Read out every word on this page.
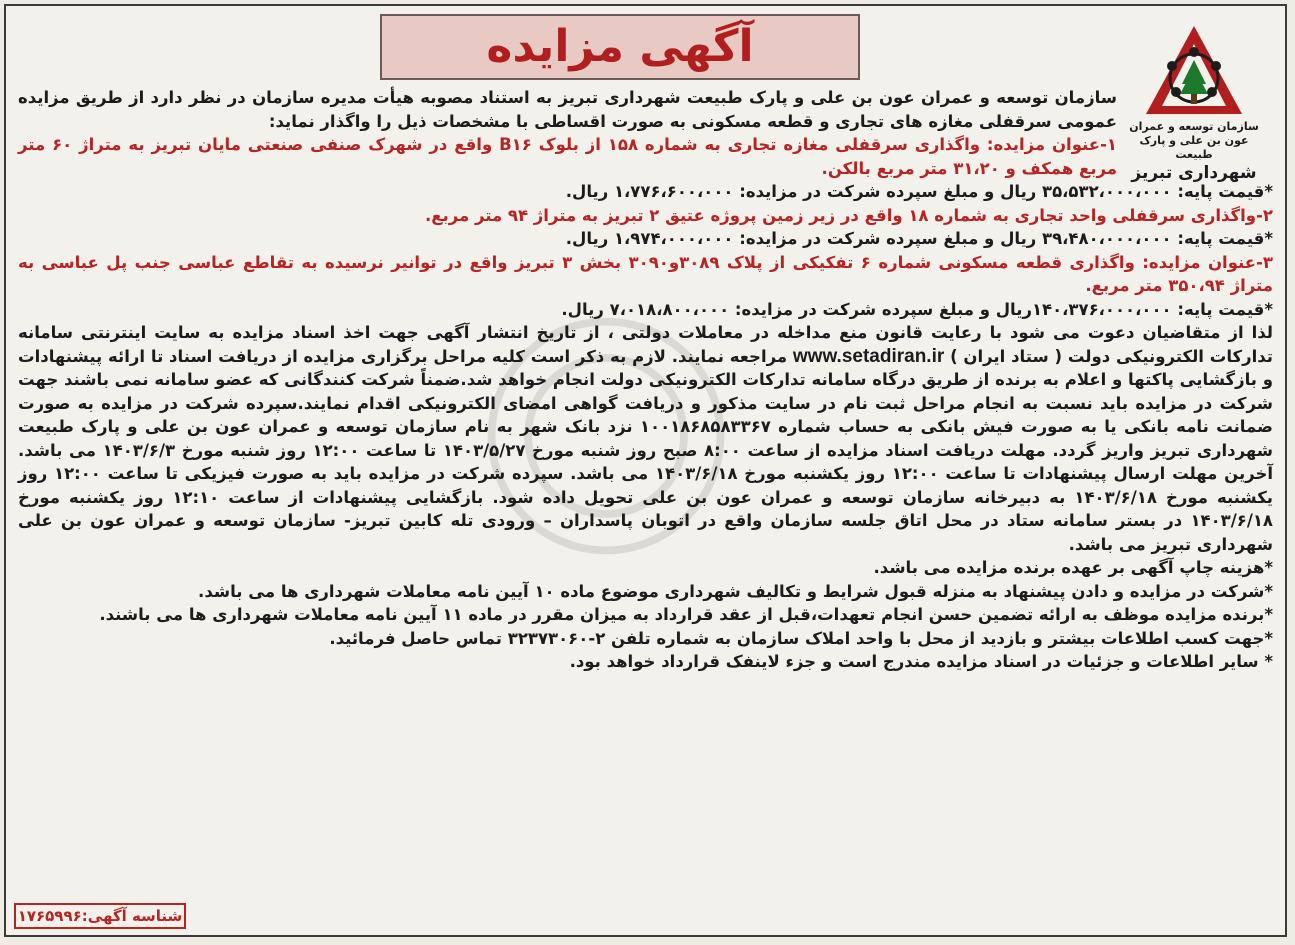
آگهی مزایده
سازمان توسعه و عمران عون بن علی و پارک طبیعت
شهرداری تبریز

سازمان توسعه و عمران عون بن علی و پارک طبیعت شهرداری تبریز به استناد مصوبه هیأت مدیره سازمان در نظر دارد از طریق مزایده عمومی سرقفلی مغازه های تجاری و قطعه مسکونی به صورت اقساطی با مشخصات ذیل را واگذار نماید:

۱-عنوان مزایده: واگذاری سرقفلی مغازه تجاری به شماره ۱۵۸ از بلوک B۱۶ واقع در شهرک صنفی صنعتی مایان تبریز به متراژ ۶۰ متر مربع همکف و ۳۱،۲۰ متر مربع بالکن.

*قیمت پایه: ۳۵،۵۳۲،۰۰۰،۰۰۰ ریال و مبلغ سپرده شرکت در مزایده: ۱،۷۷۶،۶۰۰،۰۰۰ ریال.

۲-واگذاری سرقفلی واحد تجاری به شماره ۱۸ واقع در زیر زمین پروژه عتیق ۲ تبریز به متراژ ۹۴ متر مربع.

*قیمت پایه: ۳۹،۴۸۰،۰۰۰،۰۰۰ ریال و مبلغ سپرده شرکت در مزایده: ۱،۹۷۴،۰۰۰،۰۰۰ ریال.

۳-عنوان مزایده: واگذاری قطعه مسکونی شماره ۶ تفکیکی از پلاک ۳۰۸۹و۳۰۹۰ بخش ۳ تبریز واقع در توانیر نرسیده به تقاطع عباسی جنب پل عباسی به متراژ ۳۵۰،۹۴ متر مربع.

*قیمت پایه: ۱۴۰،۳۷۶،۰۰۰،۰۰۰ریال و مبلغ سپرده شرکت در مزایده: ۷،۰۱۸،۸۰۰،۰۰۰ ریال.

لذا از متقاضیان دعوت می شود با رعایت قانون منع مداخله در معاملات دولتی ، از تاریخ انتشار آگهی جهت اخذ اسناد مزایده به سایت اینترنتی سامانه تدارکات الکترونیکی دولت ( ستاد ایران ) www.setadiran.ir مراجعه نمایند. لازم به ذکر است کلیه مراحل برگزاری مزایده از دریافت اسناد تا ارائه پیشنهادات و بازگشایی پاکتها و اعلام به برنده از طریق درگاه سامانه تدارکات الکترونیکی دولت انجام خواهد شد.ضمناً شرکت کنندگانی که عضو سامانه نمی باشند جهت شرکت در مزایده باید نسبت به انجام مراحل ثبت نام در سایت مذکور و دریافت گواهی امضای الکترونیکی اقدام نمایند.سپرده شرکت در مزایده به صورت ضمانت نامه بانکی یا به صورت فیش بانکی به حساب شماره ۱۰۰۱۸۶۸۵۸۳۳۶۷ نزد بانک شهر به نام سازمان توسعه و عمران عون بن علی و پارک طبیعت شهرداری تبریز واریز گردد. مهلت دریافت اسناد مزایده از ساعت ۸:۰۰ صبح روز شنبه مورخ ۱۴۰۳/۵/۲۷ تا ساعت ۱۲:۰۰ روز شنبه مورخ ۱۴۰۳/۶/۳ می باشد. آخرین مهلت ارسال پیشنهادات تا ساعت ۱۲:۰۰ روز یکشنبه مورخ ۱۴۰۳/۶/۱۸ می باشد. سپرده شرکت در مزایده باید به صورت فیزیکی تا ساعت ۱۲:۰۰ روز یکشنبه مورخ ۱۴۰۳/۶/۱۸ به دبیرخانه سازمان توسعه و عمران عون بن علی تحویل داده شود. بازگشایی پیشنهادات از ساعت ۱۲:۱۰ روز یکشنبه مورخ ۱۴۰۳/۶/۱۸ در بستر سامانه ستاد در محل اتاق جلسه سازمان واقع در اتوبان پاسداران – ورودی تله کابین تبریز- سازمان توسعه و عمران عون بن علی شهرداری تبریز می باشد.

*هزینه چاپ آگهی بر عهده برنده مزایده می باشد.

*شرکت در مزایده و دادن پیشنهاد به منزله قبول شرایط و تکالیف شهرداری موضوع ماده ۱۰ آیین نامه معاملات شهرداری ها می باشد.

*برنده مزایده موظف به ارائه تضمین حسن انجام تعهدات،قبل از عقد قرارداد به میزان مقرر در ماده ۱۱ آیین نامه معاملات شهرداری ها می باشند.

*جهت کسب اطلاعات بیشتر و بازدید از محل با واحد املاک سازمان به شماره تلفن ۲-۳۲۳۷۳۰۶۰ تماس حاصل فرمائید.

* سایر اطلاعات و جزئیات در اسناد مزایده مندرج است و جزء لاینفک قرارداد خواهد بود.

شناسه آگهی:۱۷۶۵۹۹۶
